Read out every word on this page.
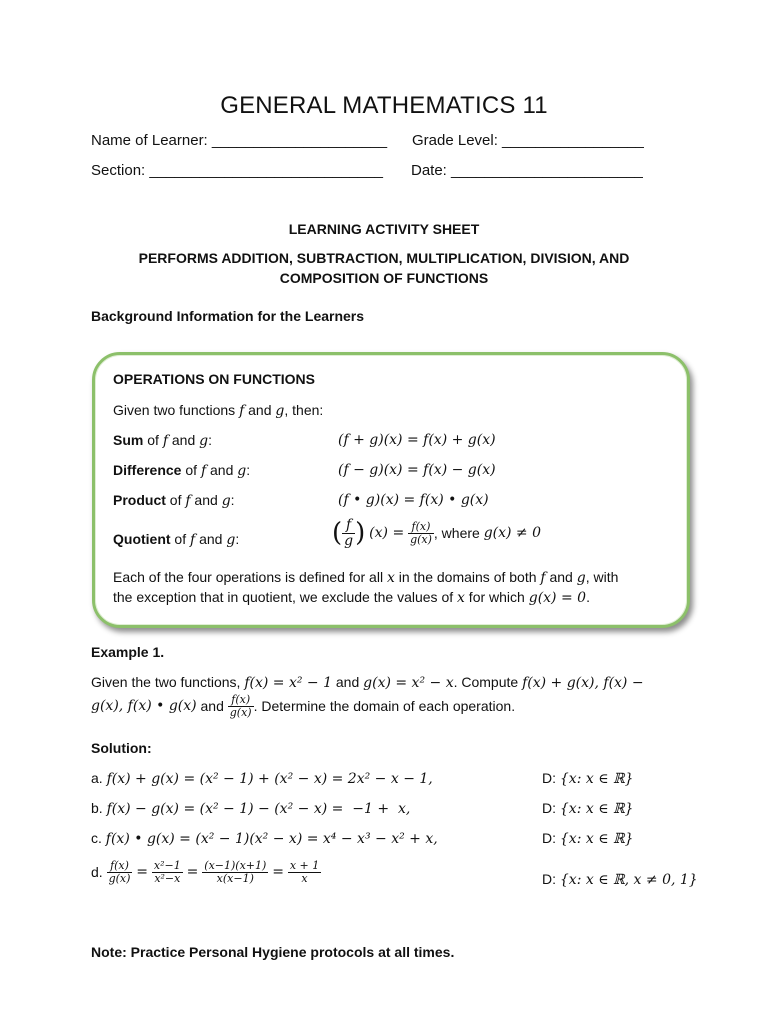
GENERAL MATHEMATICS 11
Name of Learner: _____________________ Grade Level: _________________
Section: ____________________________ Date: _______________________
LEARNING ACTIVITY SHEET
PERFORMS ADDITION, SUBTRACTION, MULTIPLICATION, DIVISION, AND
COMPOSITION OF FUNCTIONS
Background Information for the Learners
OPERATIONS ON FUNCTIONS
Given two functions f and g, then:
Sum of f and g:	(f + g)(x) = f(x) + g(x)
Difference of f and g:	(f − g)(x) = f(x) − g(x)
Product of f and g:	(f • g)(x) = f(x) • g(x)
Quotient of f and g:	( $\frac{f}{g}$ ) $(x) = \frac{f(x)}{g(x)}$ , where g(x) ≠ 0
Each of the four operations is defined for all x in the domains of both f and g, with
the exception that in quotient, we exclude the values of x for which g(x) = 0.
Example 1.
Given the two functions, f(x) = x² − 1 and g(x) = x² − x. Compute f(x) + g(x), f(x) −
g(x), f(x) • g(x) and $\frac{f(x)}{g(x)}$ . Determine the domain of each operation.
Solution:
a. f(x) + g(x) = (x² − 1) + (x² − x) = 2x² − x − 1,	D: {x: x ∈ ℝ}
b. f(x) − g(x) = (x² − 1) − (x² − x) =  −1 +  x,	D: {x: x ∈ ℝ}
c. f(x) • g(x) = (x² − 1)(x² − x) = x⁴ − x³ − x² + x,	D: {x: x ∈ ℝ}
d. $\frac{f(x)}{g(x)} = \frac{\text{x²−1}}{\text{x²−x}} = \frac{(x-1)(x+1)}{x(x-1)} = \frac{x + 1}{x}$	D: {x: x ∈ ℝ, x ≠ 0, 1}
Note: Practice Personal Hygiene protocols at all times.
